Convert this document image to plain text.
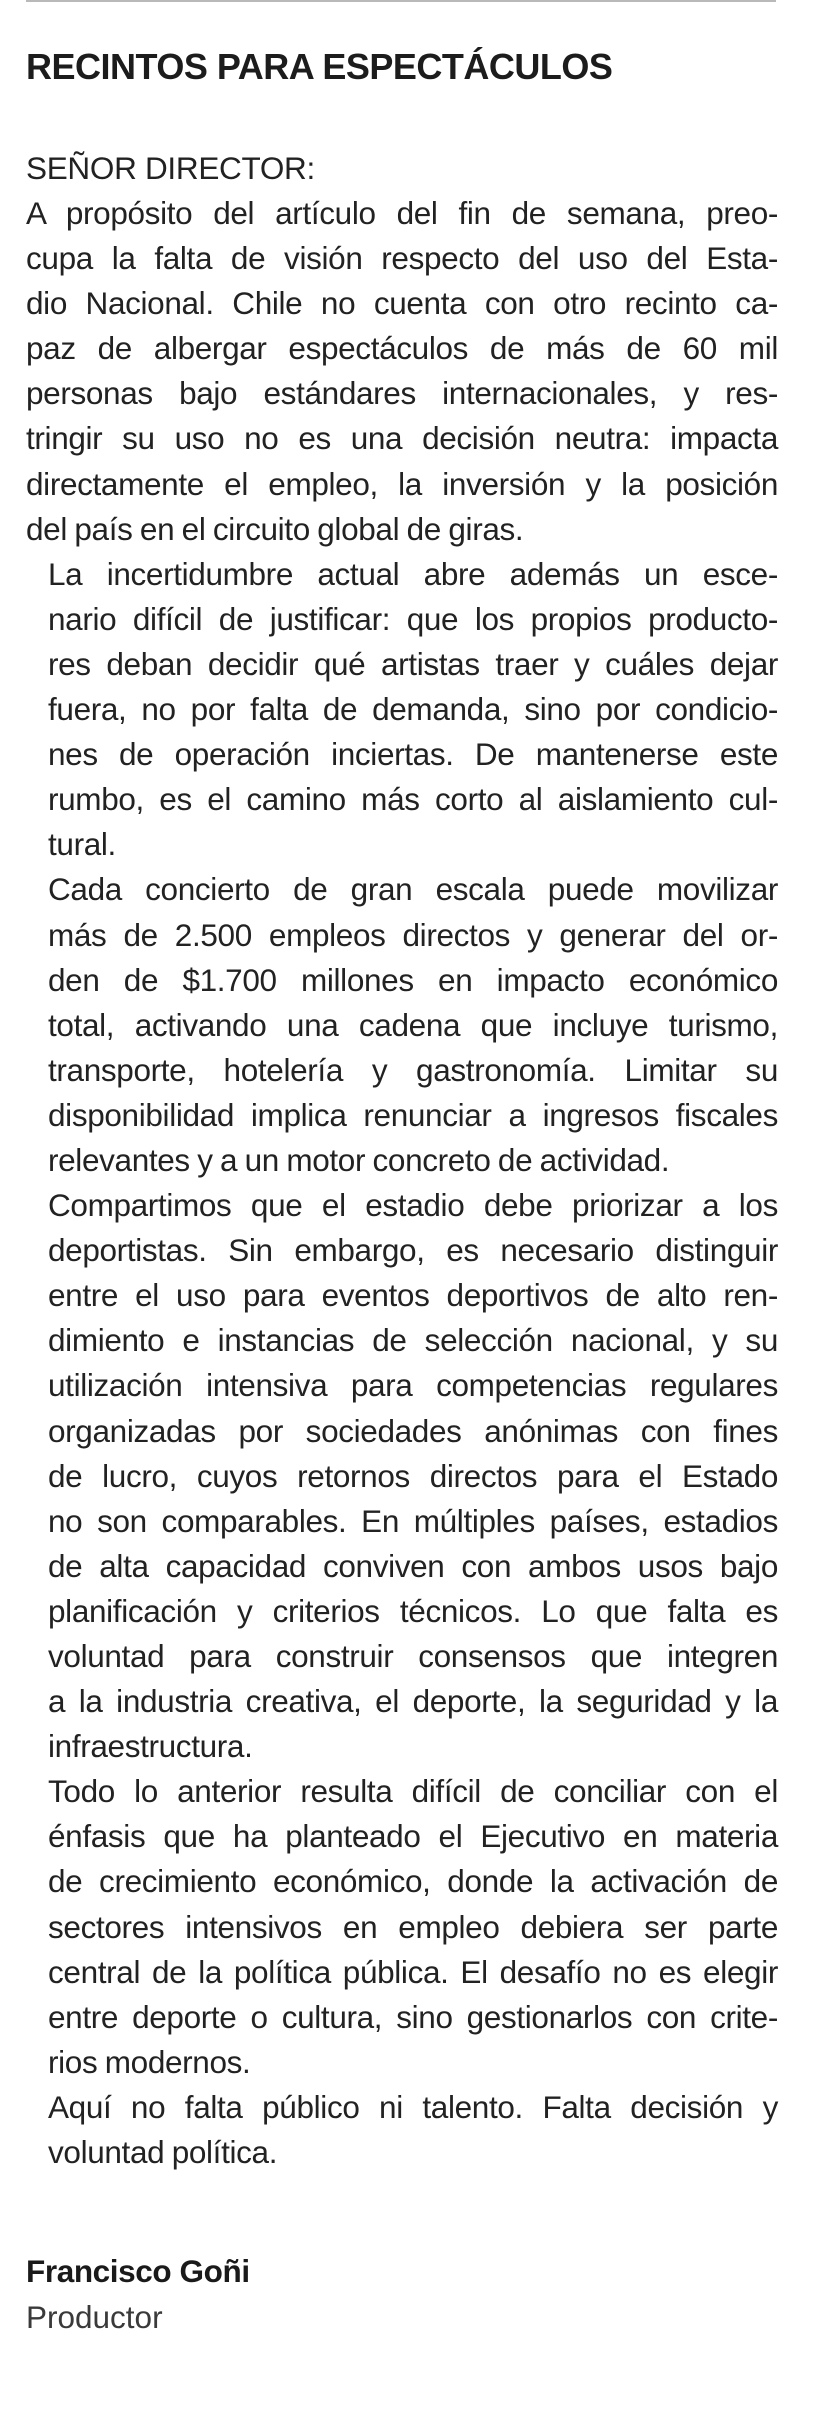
RECINTOS PARA ESPECTÁCULOS

SEÑOR DIRECTOR:

A propósito del artículo del fin de semana, preo-
cupa la falta de visión respecto del uso del Esta-
dio Nacional. Chile no cuenta con otro recinto ca-
paz de albergar espectáculos de más de 60 mil
personas bajo estándares internacionales, y res-
tringir su uso no es una decisión neutra: impacta
directamente el empleo, la inversión y la posición
del país en el circuito global de giras.

La incertidumbre actual abre además un esce-
nario difícil de justificar: que los propios producto-
res deban decidir qué artistas traer y cuáles dejar
fuera, no por falta de demanda, sino por condicio-
nes de operación inciertas. De mantenerse este
rumbo, es el camino más corto al aislamiento cul-
tural.

Cada concierto de gran escala puede movilizar
más de 2.500 empleos directos y generar del or-
den de $1.700 millones en impacto económico
total, activando una cadena que incluye turismo,
transporte, hotelería y gastronomía. Limitar su
disponibilidad implica renunciar a ingresos fiscales
relevantes y a un motor concreto de actividad.

Compartimos que el estadio debe priorizar a los
deportistas. Sin embargo, es necesario distinguir
entre el uso para eventos deportivos de alto ren-
dimiento e instancias de selección nacional, y su
utilización intensiva para competencias regulares
organizadas por sociedades anónimas con fines
de lucro, cuyos retornos directos para el Estado
no son comparables. En múltiples países, estadios
de alta capacidad conviven con ambos usos bajo
planificación y criterios técnicos. Lo que falta es
voluntad para construir consensos que integren
a la industria creativa, el deporte, la seguridad y la
infraestructura.

Todo lo anterior resulta difícil de conciliar con el
énfasis que ha planteado el Ejecutivo en materia
de crecimiento económico, donde la activación de
sectores intensivos en empleo debiera ser parte
central de la política pública. El desafío no es elegir
entre deporte o cultura, sino gestionarlos con crite-
rios modernos.

Aquí no falta público ni talento. Falta decisión y
voluntad política.

Francisco Goñi

Productor
